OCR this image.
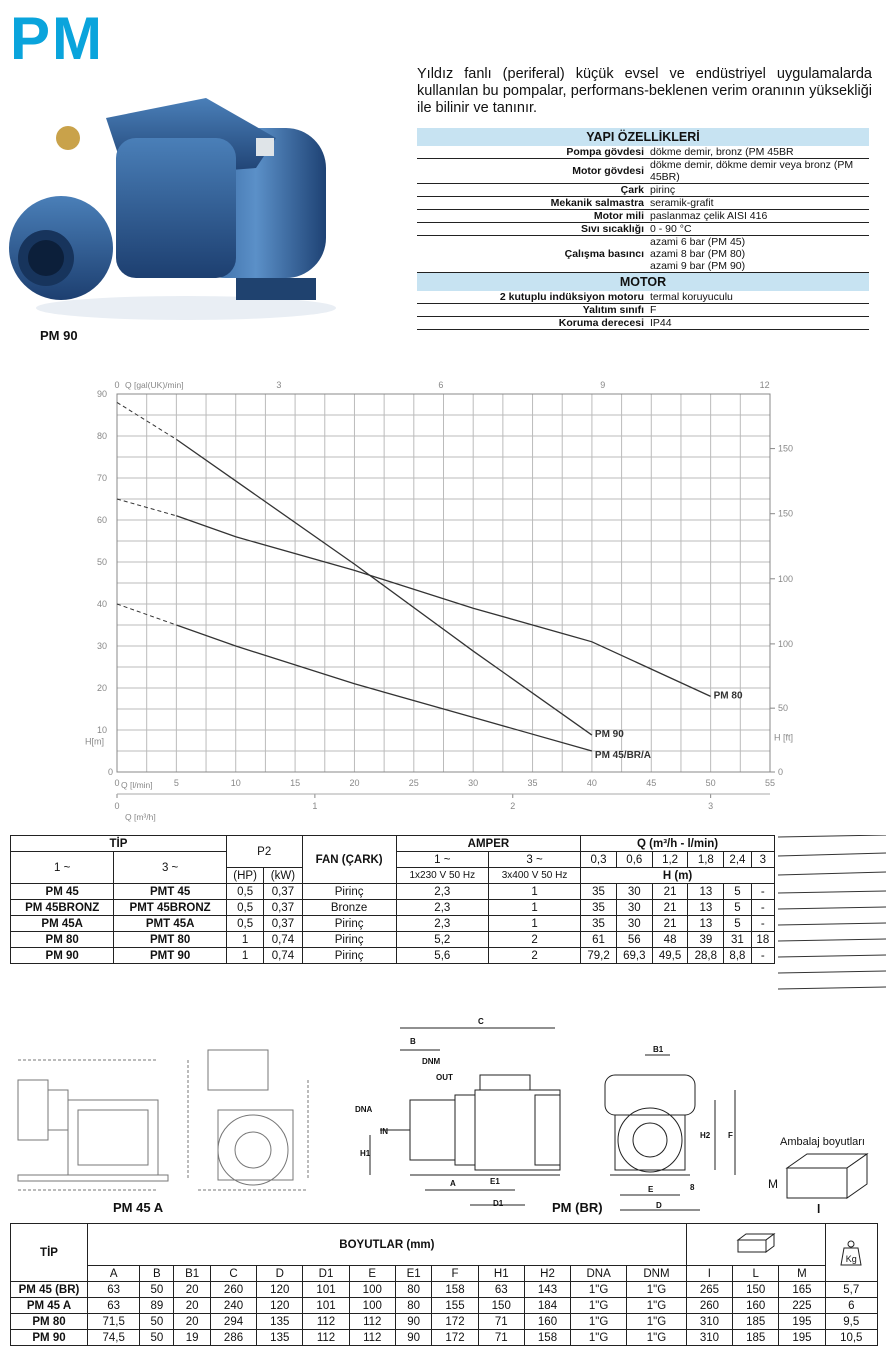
PM
PM 90
Yıldız fanlı (periferal) küçük evsel ve endüstriyel uygulamalarda kullanılan bu pompalar, performans-beklenen verim oranının yüksekliği ile bilinir ve tanınır.
YAPI ÖZELLİKLERİ	
Pompa gövdesi	dökme demir, bronz (PM 45BR
Motor gövdesi	dökme demir, dökme demir veya bronz (PM 45BR)
Çark	pirinç
Mekanik salmastra	seramik-grafit
Motor mili	paslanmaz çelik AISI 416
Sıvı sıcaklığı	0 - 90 °C
Çalışma basıncı	azami 6 bar (PM 45)
azami 8 bar (PM 80)
azami 9 bar (PM 90)

MOTOR	
2 kutuplu indüksiyon motoru	termal koruyuculu
Yalıtım sınıfı	F
Koruma derecesi	IP44
10
20
30
40
50
60
70
80
90
0
H[m]
0	5	10	15	20	25	30	35	40	45	50	55
Q [l/min]
0	3	6	9	12
Q [gal(UK)/min]
0	1	2	3
Q [m³/h]
0
50
100
100
150
150
H [ft]
PM 90
PM 80
PM 45/BR/A
TİP		P2		FAN (ÇARK)	AMPER		Q (m³/h - l/min)					
1 ~	3 ~				1 ~	3 ~	0,3	0,6	1,2	1,8	2,4	3
		(HP)	(kW)		1x230 V 50 Hz	3x400 V 50 Hz	H (m)					
PM 45	PMT 45	0,5	0,37	Pirinç	2,3	1	35	30	21	13	5	-
PM 45BRONZ	PMT 45BRONZ	0,5	0,37	Bronze	2,3	1	35	30	21	13	5	-
PM 45A	PMT 45A	0,5	0,37	Pirinç	2,3	1	35	30	21	13	5	-
PM 80	PMT 80	1	0,74	Pirinç	5,2	2	61	56	48	39	31	18
PM 90	PMT 90	1	0,74	Pirinç	5,6	2	79,2	69,3	49,5	28,8	8,8	-
PM 45 A
C
B
DNM
OUT
DNA
IN
H1
A	E1
D1
B1
H2 F
E
D
8
PM (BR)
Ambalaj boyutları
M
l
TİP	BOYUTLAR (mm)																Kg

	A	B	B1	C	D	D1	E	E1	F	H1	H2	DNA	DNM	I	L	M	
PM 45 (BR)	63	50	20	260	120	101	100	80	158	63	143	1"G	1"G	265	150	165	5,7
PM 45 A	63	89	20	240	120	101	100	80	155	150	184	1"G	1"G	260	160	225	6
PM 80	71,5	50	20	294	135	112	112	90	172	71	160	1"G	1"G	310	185	195	9,5
PM 90	74,5	50	19	286	135	112	112	90	172	71	158	1"G	1"G	310	185	195	10,5
